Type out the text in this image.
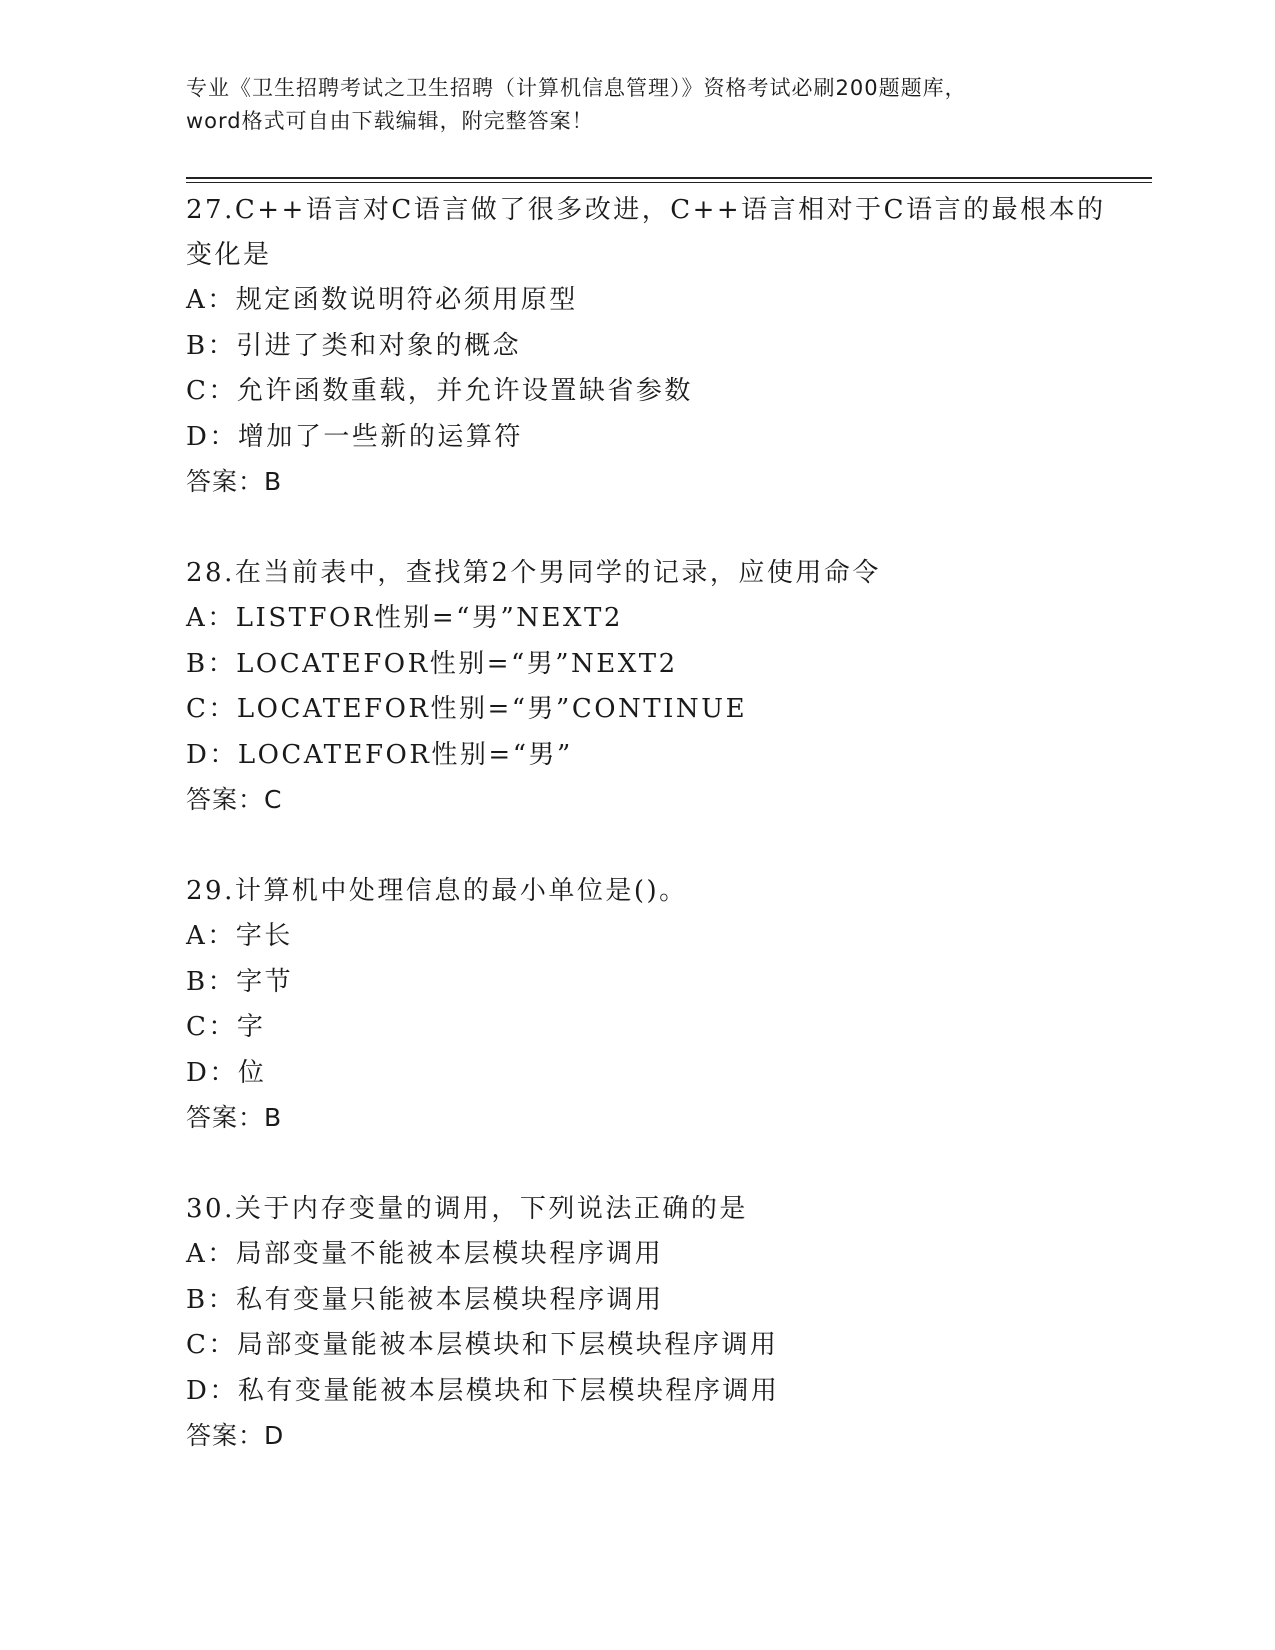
专业《卫生招聘考试之卫生招聘（计算机信息管理）》资格考试必刷200题题库，
word格式可自由下载编辑，附完整答案！

27.C++语言对C语言做了很多改进，C++语言相对于C语言的最根本的

变化是

A：规定函数说明符必须用原型

B：引进了类和对象的概念

C：允许函数重载，并允许设置缺省参数

D：增加了一些新的运算符

答案：B

28.在当前表中，查找第2个男同学的记录，应使用命令

A：LISTFOR性别=“男”NEXT2

B：LOCATEFOR性别=“男”NEXT2

C：LOCATEFOR性别=“男”CONTINUE

D：LOCATEFOR性别=“男”

答案：C

29.计算机中处理信息的最小单位是()。

A：字长

B：字节

C：字

D：位

答案：B

30.关于内存变量的调用，下列说法正确的是

A：局部变量不能被本层模块程序调用

B：私有变量只能被本层模块程序调用

C：局部变量能被本层模块和下层模块程序调用

D：私有变量能被本层模块和下层模块程序调用

答案：D
